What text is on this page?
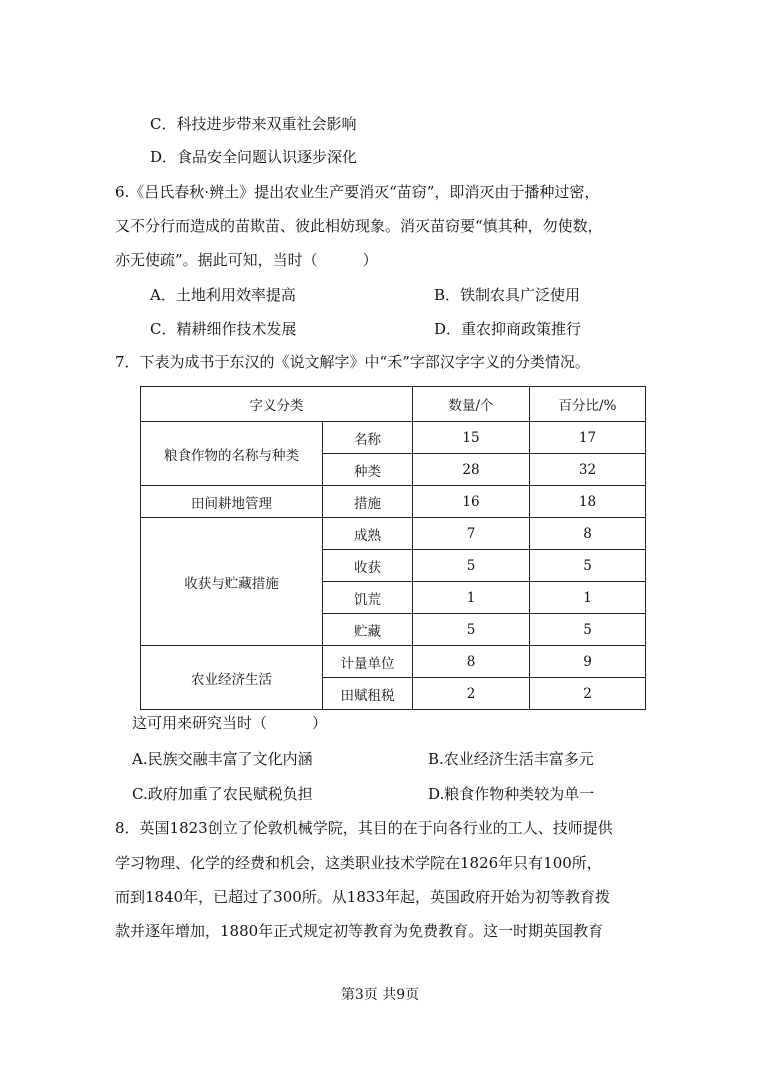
C．科技进步带来双重社会影响
D．食品安全问题认识逐步深化
6.《吕氏春秋·辨土》提出农业生产要消灭“苗窃”，即消灭由于播种过密，
又不分行而造成的苗欺苗、彼此相妨现象。消灭苗窃要“慎其种，勿使数，
亦无使疏”。据此可知，当时（　　　）
A．土地利用效率提高	B．铁制农具广泛使用
C．精耕细作技术发展	D．重农抑商政策推行
7．下表为成书于东汉的《说文解字》中“禾”字部汉字字义的分类情况。
字义分类		数量/个	百分比/%
粮食作物的名称与种类	名称	15	17
	种类	28	32
田间耕地管理	措施	16	18
收获与贮藏措施	成熟	7	8
	收获	5	5
	饥荒	1	1
	贮藏	5	5
农业经济生活	计量单位	8	9
	田赋租税	2	2
这可用来研究当时（　　　）
A.民族交融丰富了文化内涵	B.农业经济生活丰富多元
C.政府加重了农民赋税负担	D.粮食作物种类较为单一
8．英国1823创立了伦敦机械学院，其目的在于向各行业的工人、技师提供
学习物理、化学的经费和机会，这类职业技术学院在1826年只有100所，
而到1840年，已超过了300所。从1833年起，英国政府开始为初等教育拨
款并逐年增加，1880年正式规定初等教育为免费教育。这一时期英国教育
第3页 共9页
